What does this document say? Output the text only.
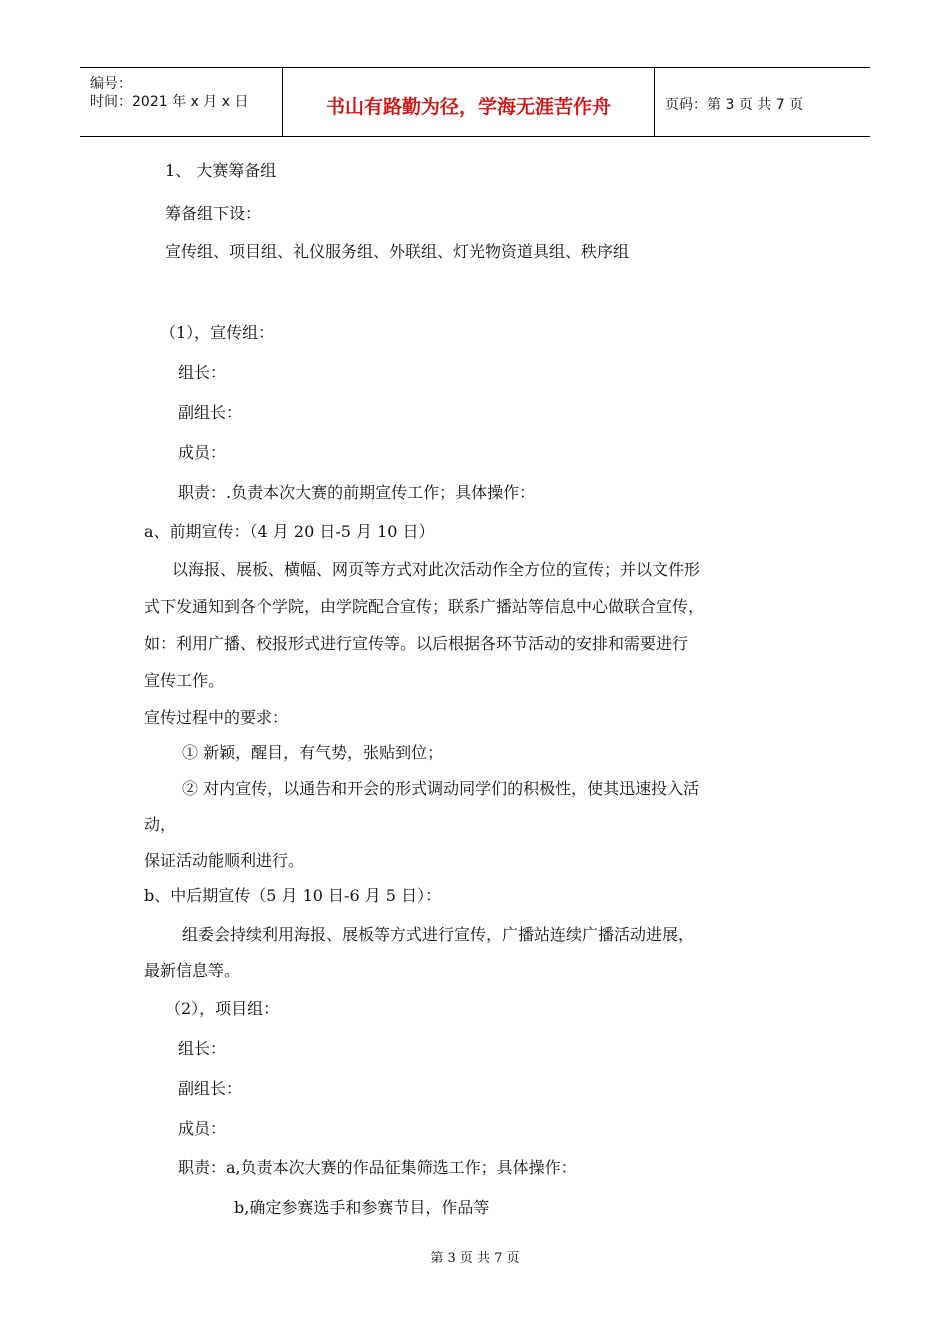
编号：
时间：2021 年 x 月 x 日	书山有路勤为径，学海无涯苦作舟	页码：第 3 页 共 7 页
1、 大赛筹备组
筹备组下设：
宣传组、项目组、礼仪服务组、外联组、灯光物资道具组、秩序组
（1），宣传组：
组长：
副组长：
成员：
职责：.负责本次大赛的前期宣传工作；具体操作：
a、前期宣传：（4 月 20 日-5 月 10 日）
以海报、展板、横幅、网页等方式对此次活动作全方位的宣传；并以文件形
式下发通知到各个学院，由学院配合宣传；联系广播站等信息中心做联合宣传，
如：利用广播、校报形式进行宣传等。以后根据各环节活动的安排和需要进行
宣传工作。
宣传过程中的要求：
① 新颖，醒目，有气势，张贴到位；
② 对内宣传，以通告和开会的形式调动同学们的积极性，使其迅速投入活
动，
保证活动能顺利进行。
b、中后期宣传（5 月 10 日-6 月 5 日）：
组委会持续利用海报、展板等方式进行宣传，广播站连续广播活动进展，
最新信息等。
（2），项目组：
组长：
副组长：
成员：
职责：a,负责本次大赛的作品征集筛选工作；具体操作：
b,确定参赛选手和参赛节目，作品等
第 3 页 共 7 页
